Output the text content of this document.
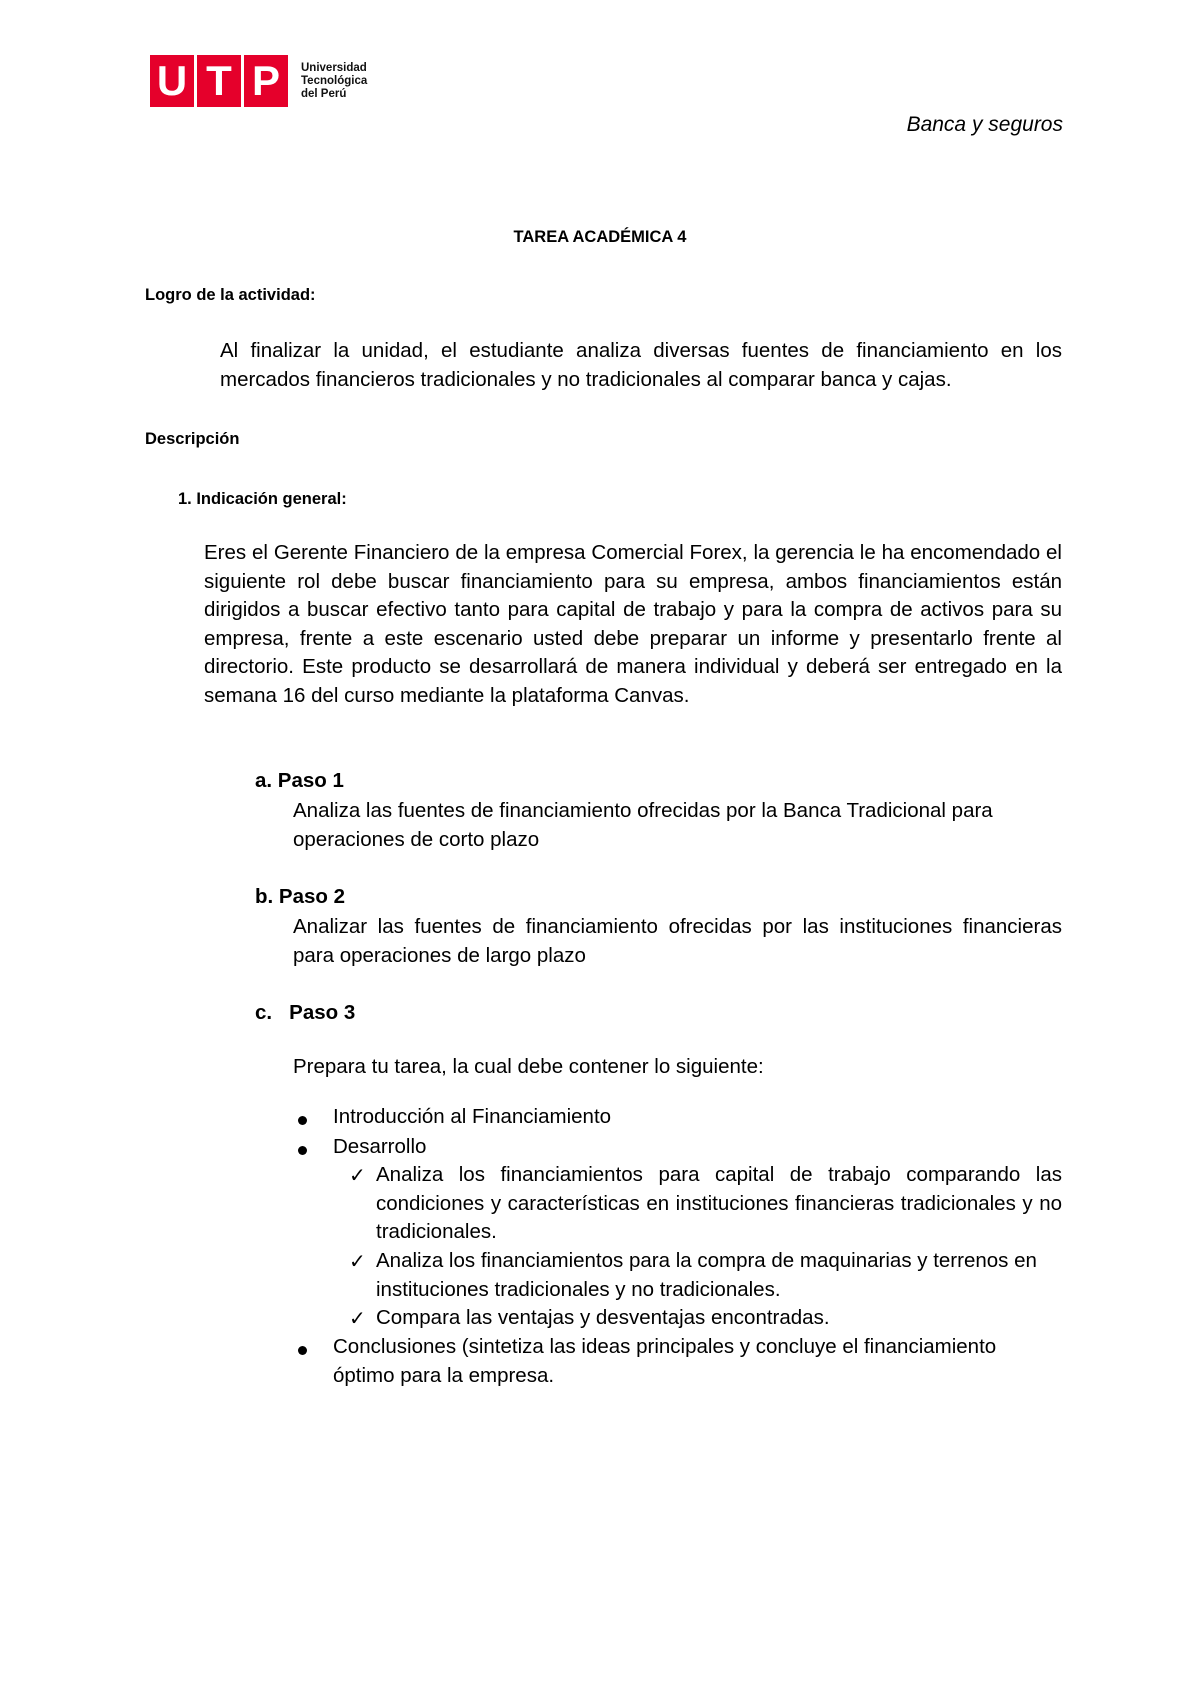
U T P	Universidad
Tecnológica
del Perú
Banca y seguros
TAREA ACADÉMICA 4
Logro de la actividad:
Al finalizar la unidad, el estudiante analiza diversas fuentes de financiamiento en los mercados financieros tradicionales y no tradicionales al comparar banca y cajas.
Descripción
1. Indicación general:
Eres el Gerente Financiero de la empresa Comercial Forex, la gerencia le ha encomendado el siguiente rol debe buscar financiamiento para su empresa, ambos financiamientos están dirigidos a buscar efectivo tanto para capital de trabajo y para la compra de activos para su empresa, frente a este escenario usted debe preparar un informe y presentarlo frente al directorio. Este producto se desarrollará de manera individual y deberá ser entregado en la semana 16 del curso mediante la plataforma Canvas.
a. Paso 1
Analiza las fuentes de financiamiento ofrecidas por la Banca Tradicional para operaciones de corto plazo
b. Paso 2
Analizar las fuentes de financiamiento ofrecidas por las instituciones financieras para operaciones de largo plazo
c.   Paso 3
Prepara tu tarea, la cual debe contener lo siguiente:
Introducción al Financiamiento
Desarrollo
✓ Analiza los financiamientos para capital de trabajo comparando las condiciones y características en instituciones financieras tradicionales y no tradicionales.
✓ Analiza los financiamientos para la compra de maquinarias y terrenos en instituciones tradicionales y no tradicionales.
✓ Compara las ventajas y desventajas encontradas.
Conclusiones (sintetiza las ideas principales y concluye el financiamiento óptimo para la empresa.
